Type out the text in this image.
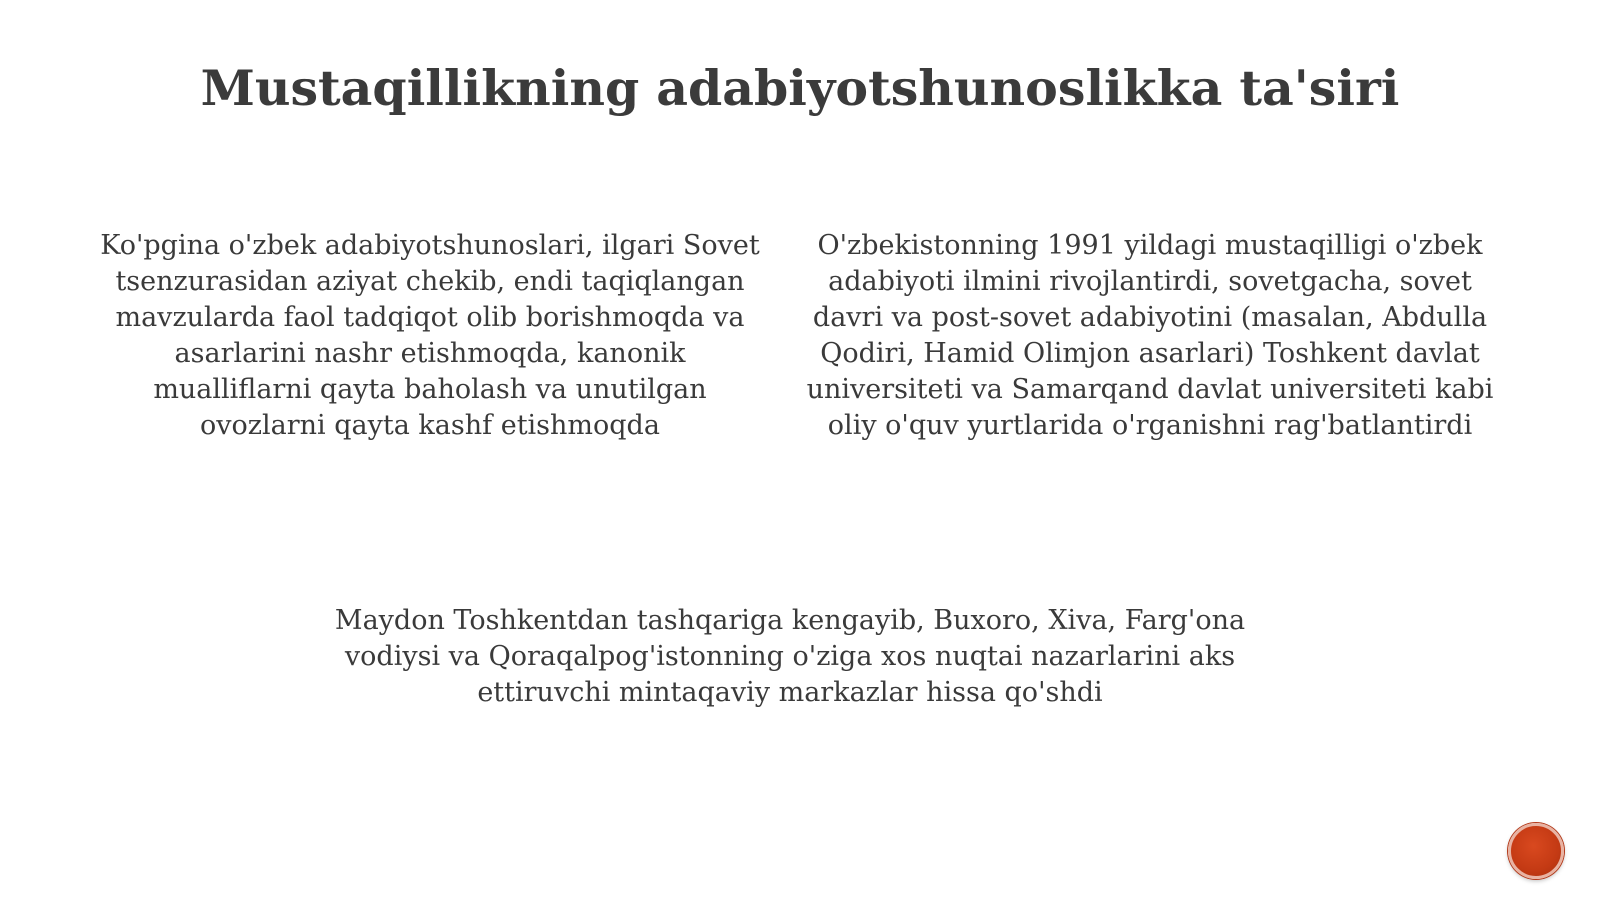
Mustaqillikning adabiyotshunoslikka ta'siri
Ko'pgina o'zbek adabiyotshunoslari, ilgari Sovet tsenzurasidan aziyat chekib, endi taqiqlangan mavzularda faol tadqiqot olib borishmoqda va asarlarini nashr etishmoqda, kanonik mualliflarni qayta baholash va unutilgan ovozlarni qayta kashf etishmoqda
O'zbekistonning 1991 yildagi mustaqilligi o'zbek adabiyoti ilmini rivojlantirdi, sovetgacha, sovet davri va post-sovet adabiyotini (masalan, Abdulla Qodiri, Hamid Olimjon asarlari) Toshkent davlat universiteti va Samarqand davlat universiteti kabi oliy o'quv yurtlarida o'rganishni rag'batlantirdi
Maydon Toshkentdan tashqariga kengayib, Buxoro, Xiva, Farg'ona vodiysi va Qoraqalpog'istonning o'ziga xos nuqtai nazarlarini aks ettiruvchi mintaqaviy markazlar hissa qo'shdi
